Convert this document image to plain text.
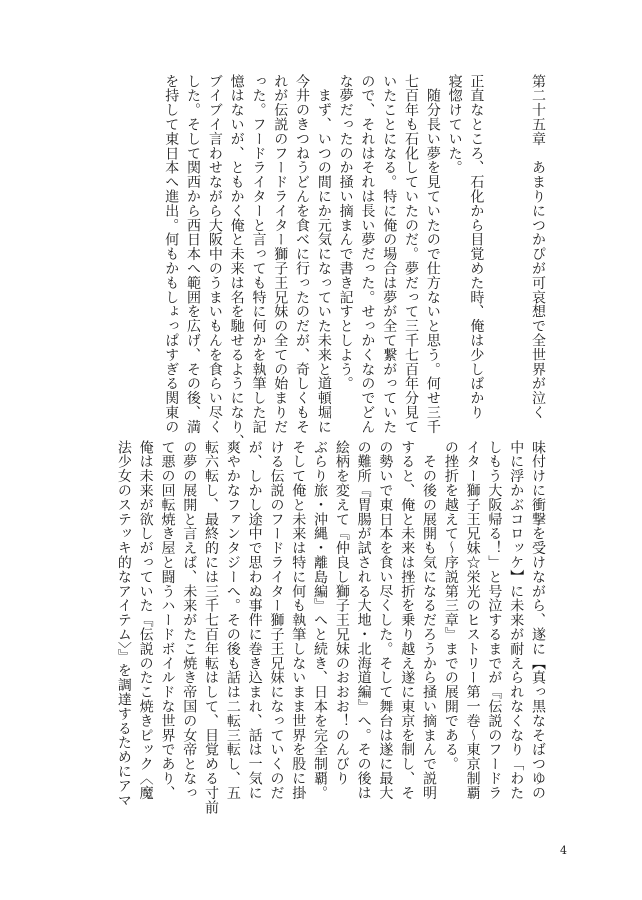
第二十五章　あまりにつかぴが可哀想で全世界が泣く
正直なところ、石化から目覚めた時、俺は少しばかり
寝惚けていた。
　随分長い夢を見ていたので仕方ないと思う。何せ三千
七百年も石化していたのだ。夢だって三千七百年分見て
いたことになる。特に俺の場合は夢が全て繋がっていた
ので、それはそれは長い夢だった。せっかくなのでどん
な夢だったのか掻い摘まんで書き記すとしよう。
　まず、いつの間にか元気になっていた未来と道頓堀に
今井のきつねうどんを食べに行ったのだが、奇しくもそ
れが伝説のフードライター獅子王兄妹の全ての始まりだ
った。フードライターと言っても特に何かを執筆した記
憶はないが、ともかく俺と未来は名を馳せるようになり、
ブイブイ言わせながら大阪中のうまいもんを食らい尽く
した。そして関西から西日本へ範囲を広げ、その後、満
を持して東日本へ進出。何もかもしょっぱすぎる関東の
味付けに衝撃を受けながら、遂に【真っ黒なそばつゆの
中に浮かぶコロッケ】に未来が耐えられなくなり「わた
しもう大阪帰る！」と号泣するまでが『伝説のフードラ
イター獅子王兄妹☆栄光のヒストリー第一巻～東京制覇
の挫折を越えて～序説第三章』までの展開である。
　その後の展開も気になるだろうから掻い摘まんで説明
すると、俺と未来は挫折を乗り越え遂に東京を制し、そ
の勢いで東日本を食い尽くした。そして舞台は遂に最大
の難所『胃腸が試される大地・北海道編』へ。その後は
絵柄を変えて『仲良し獅子王兄妹のおおお！のんびり
ぶらり旅・沖縄・離島編』へと続き、日本を完全制覇。
そして俺と未来は特に何も執筆しないまま世界を股に掛
ける伝説のフードライター獅子王兄妹になっていくのだ
が、しかし途中で思わぬ事件に巻き込まれ、話は一気に
爽やかなファンタジーへ。その後も話は二転三転し、五
転六転し、最終的には三千七百年転はして、目覚める寸前
の夢の展開と言えば、未来がたこ焼き帝国の女帝となっ
て悪の回転焼き屋と闘うハードボイルドな世界であり、
俺は未来が欲しがっていた『伝説のたこ焼きピック〈魔
法少女のステッキ的なアイテム〉』を調達するためにアマ
4
